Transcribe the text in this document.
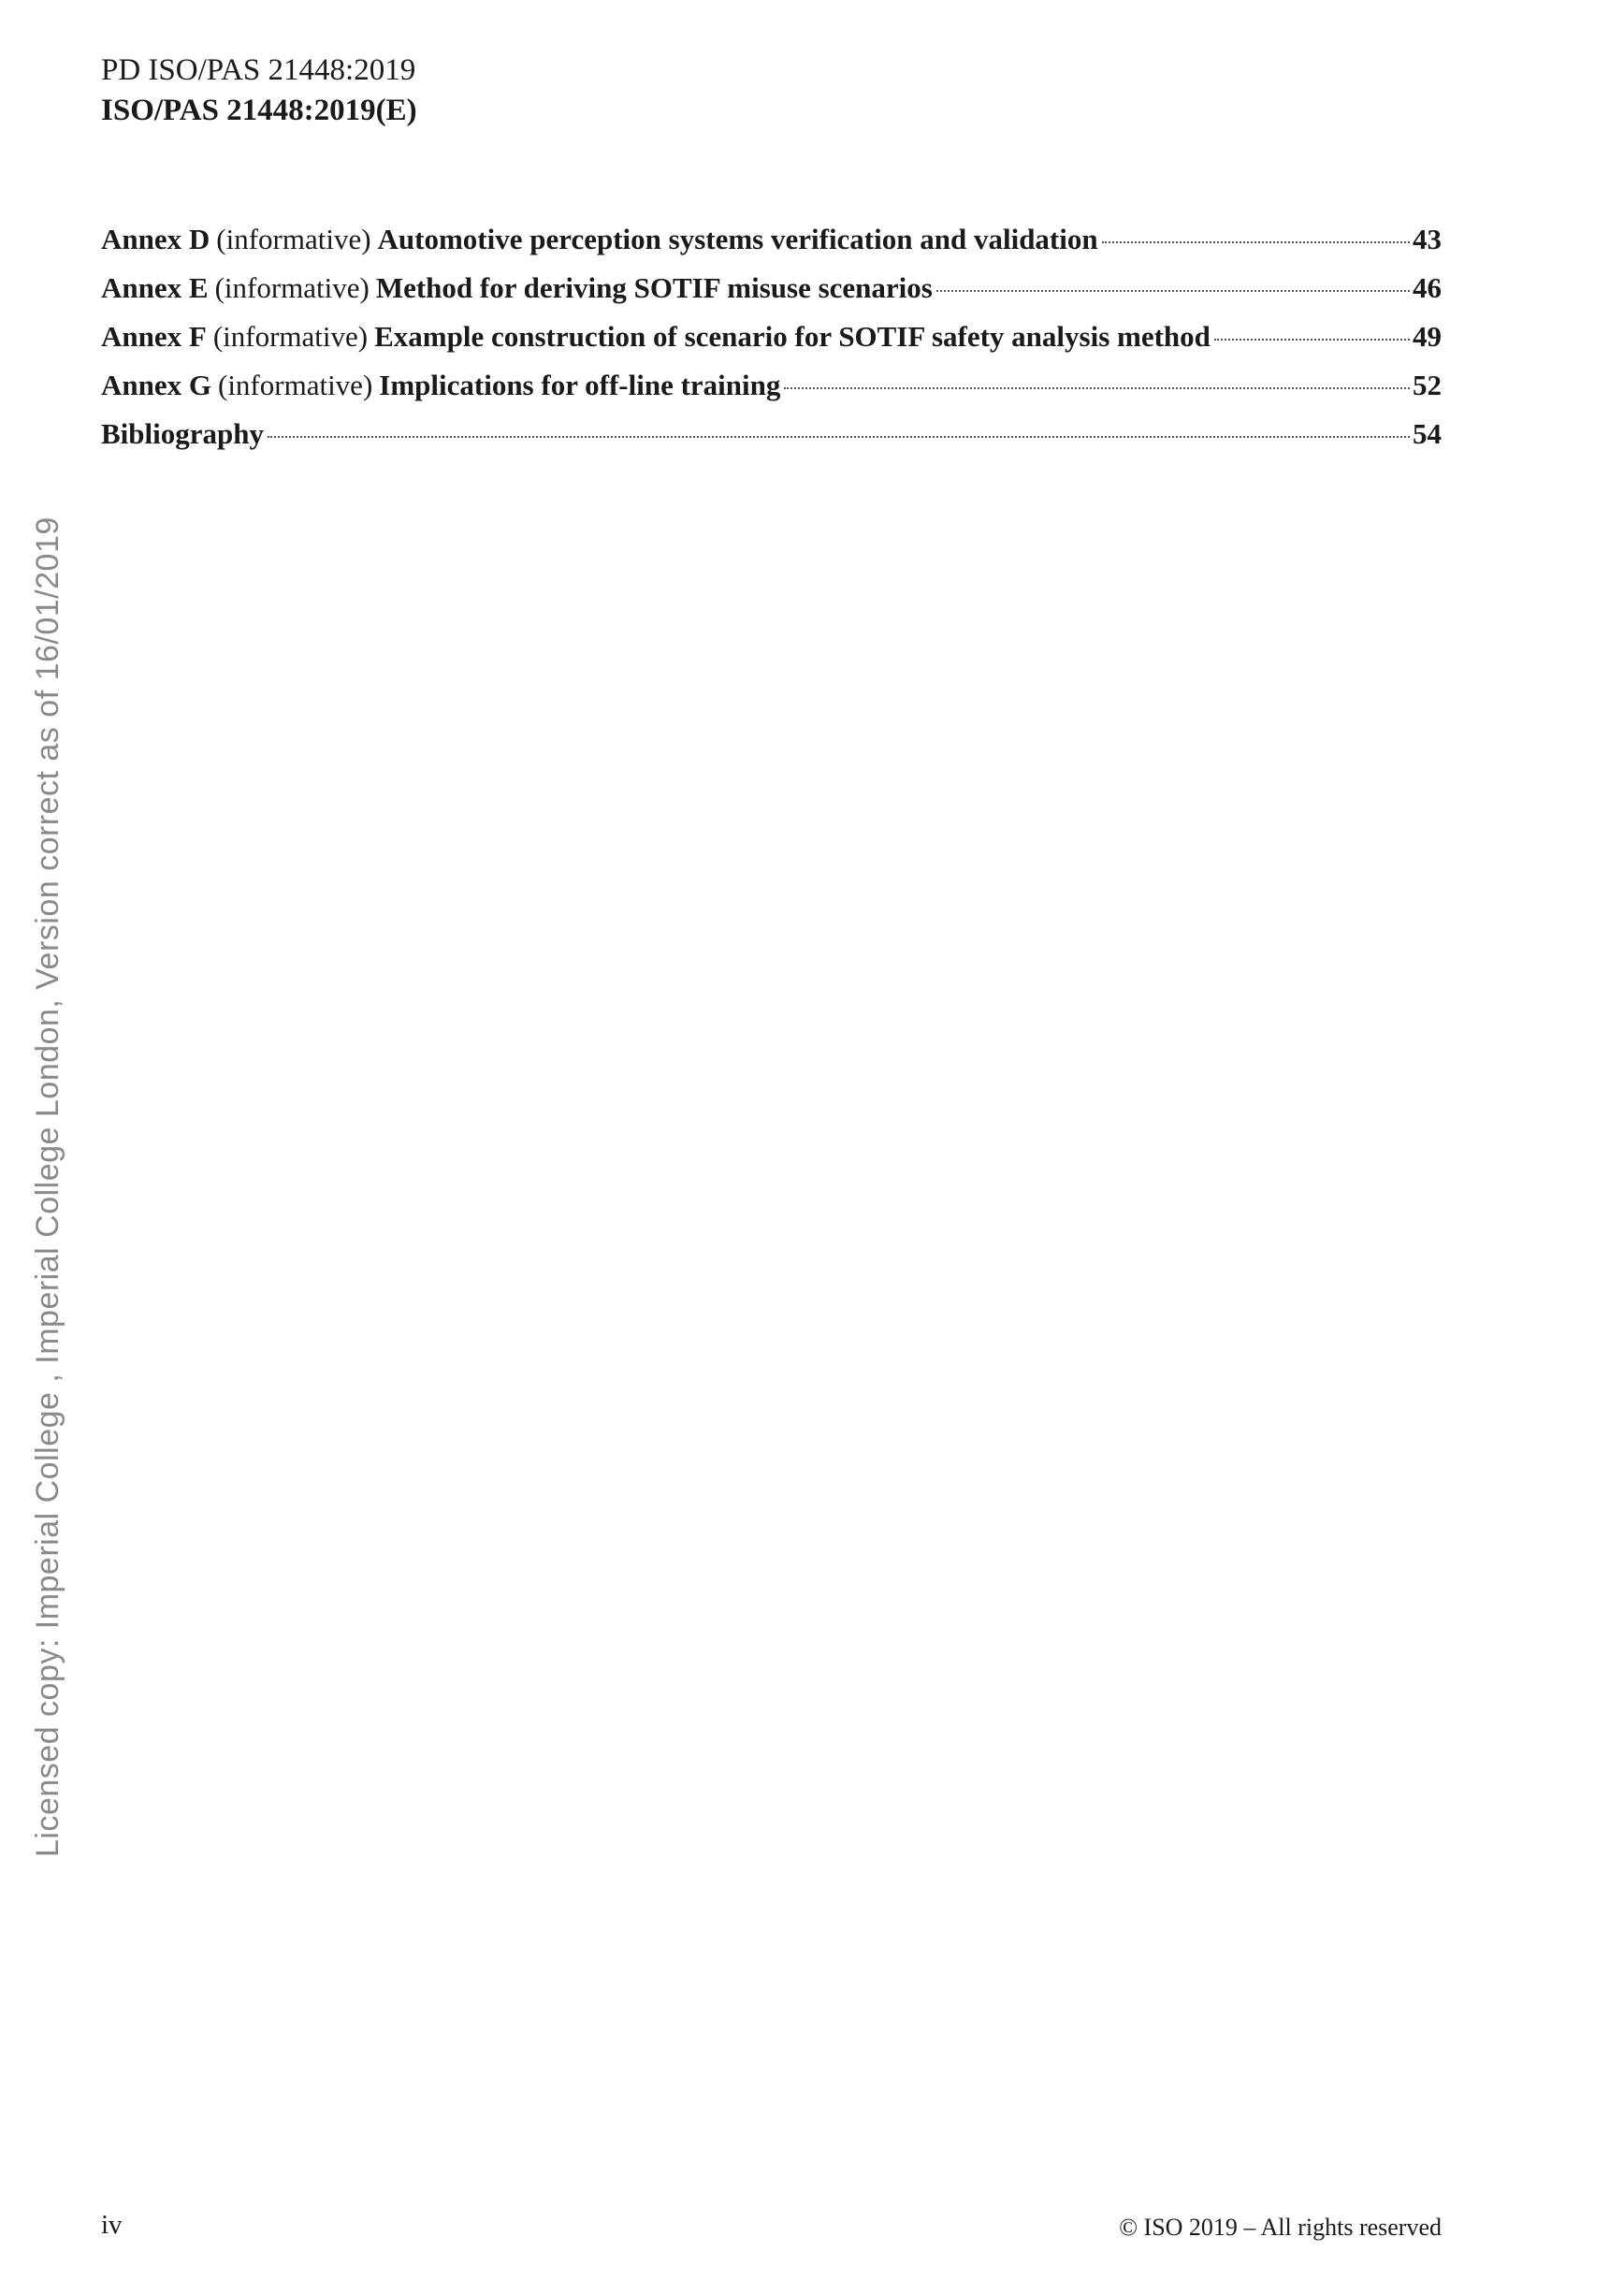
PD ISO/PAS 21448:2019
ISO/PAS 21448:2019(E)
Annex D (informative) Automotive perception systems verification and validation	43
Annex E (informative) Method for deriving SOTIF misuse scenarios	46
Annex F (informative) Example construction of scenario for SOTIF safety analysis method	49
Annex G (informative) Implications for off-line training	52
Bibliography	54
Licensed copy: Imperial College , Imperial College London, Version correct as of 16/01/2019
iv	© ISO 2019 – All rights reserved
